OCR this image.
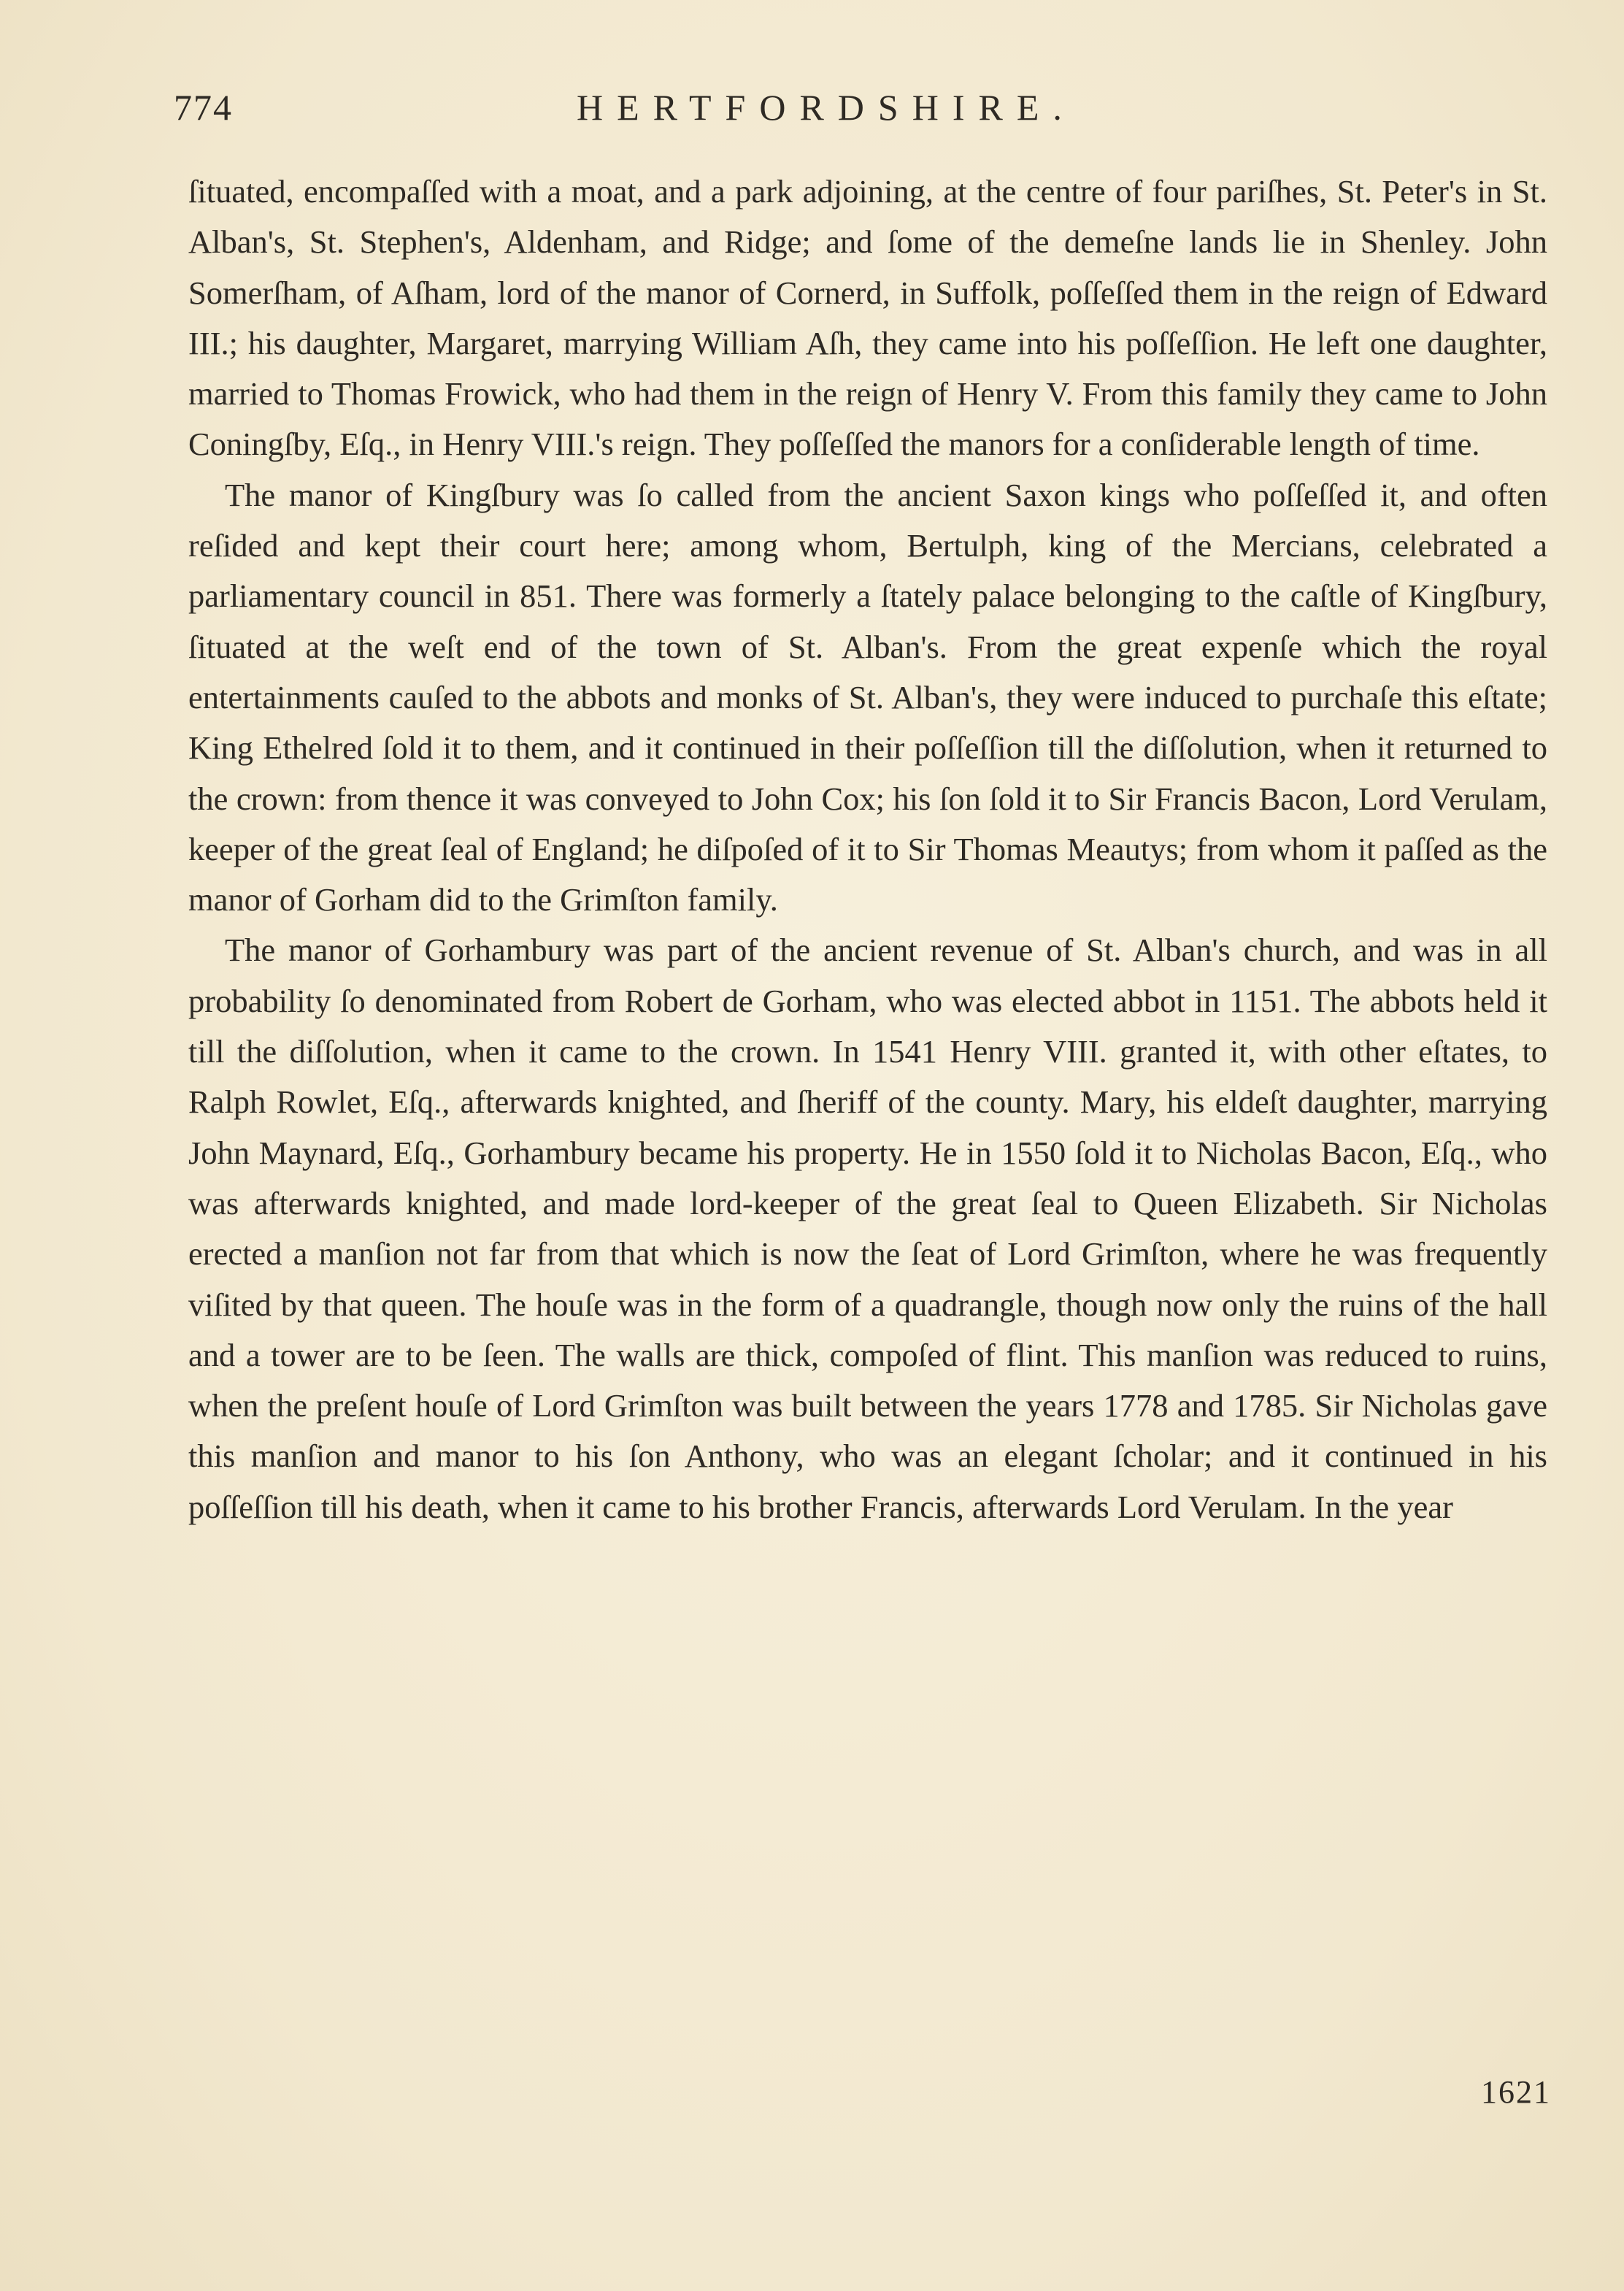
774	HERTFORDSHIRE.

ſituated, encompaſſed with a moat, and a park adjoining, at the centre of four pariſhes, St. Peter's in St. Alban's, St. Stephen's, Aldenham, and Ridge; and ſome of the demeſne lands lie in Shenley. John Somerſham, of Aſham, lord of the manor of Cornerd, in Suffolk, poſſeſſed them in the reign of Edward III.; his daughter, Margaret, marrying William Aſh, they came into his poſſeſſion. He left one daughter, married to Thomas Frowick, who had them in the reign of Henry V. From this family they came to John Coningſby, Eſq., in Henry VIII.'s reign. They poſſeſſed the manors for a conſiderable length of time.

The manor of Kingſbury was ſo called from the ancient Saxon kings who poſſeſſed it, and often reſided and kept their court here; among whom, Bertulph, king of the Mercians, celebrated a parliamentary council in 851. There was formerly a ſtately palace belonging to the caſtle of Kingſbury, ſituated at the weſt end of the town of St. Alban's. From the great expenſe which the royal entertainments cauſed to the abbots and monks of St. Alban's, they were induced to purchaſe this eſtate; King Ethelred ſold it to them, and it continued in their poſſeſſion till the diſſolution, when it returned to the crown: from thence it was conveyed to John Cox; his ſon ſold it to Sir Francis Bacon, Lord Verulam, keeper of the great ſeal of England; he diſpoſed of it to Sir Thomas Meautys; from whom it paſſed as the manor of Gorham did to the Grimſton family.

The manor of Gorhambury was part of the ancient revenue of St. Alban's church, and was in all probability ſo denominated from Robert de Gorham, who was elected abbot in 1151. The abbots held it till the diſſolution, when it came to the crown. In 1541 Henry VIII. granted it, with other eſtates, to Ralph Rowlet, Eſq., afterwards knighted, and ſheriff of the county. Mary, his eldeſt daughter, marrying John Maynard, Eſq., Gorhambury became his property. He in 1550 ſold it to Nicholas Bacon, Eſq., who was afterwards knighted, and made lord-keeper of the great ſeal to Queen Elizabeth. Sir Nicholas erected a manſion not far from that which is now the ſeat of Lord Grimſton, where he was frequently viſited by that queen. The houſe was in the form of a quadrangle, though now only the ruins of the hall and a tower are to be ſeen. The walls are thick, compoſed of flint. This manſion was reduced to ruins, when the preſent houſe of Lord Grimſton was built between the years 1778 and 1785. Sir Nicholas gave this manſion and manor to his ſon Anthony, who was an elegant ſcholar; and it continued in his poſſeſſion till his death, when it came to his brother Francis, afterwards Lord Verulam. In the year

1621
